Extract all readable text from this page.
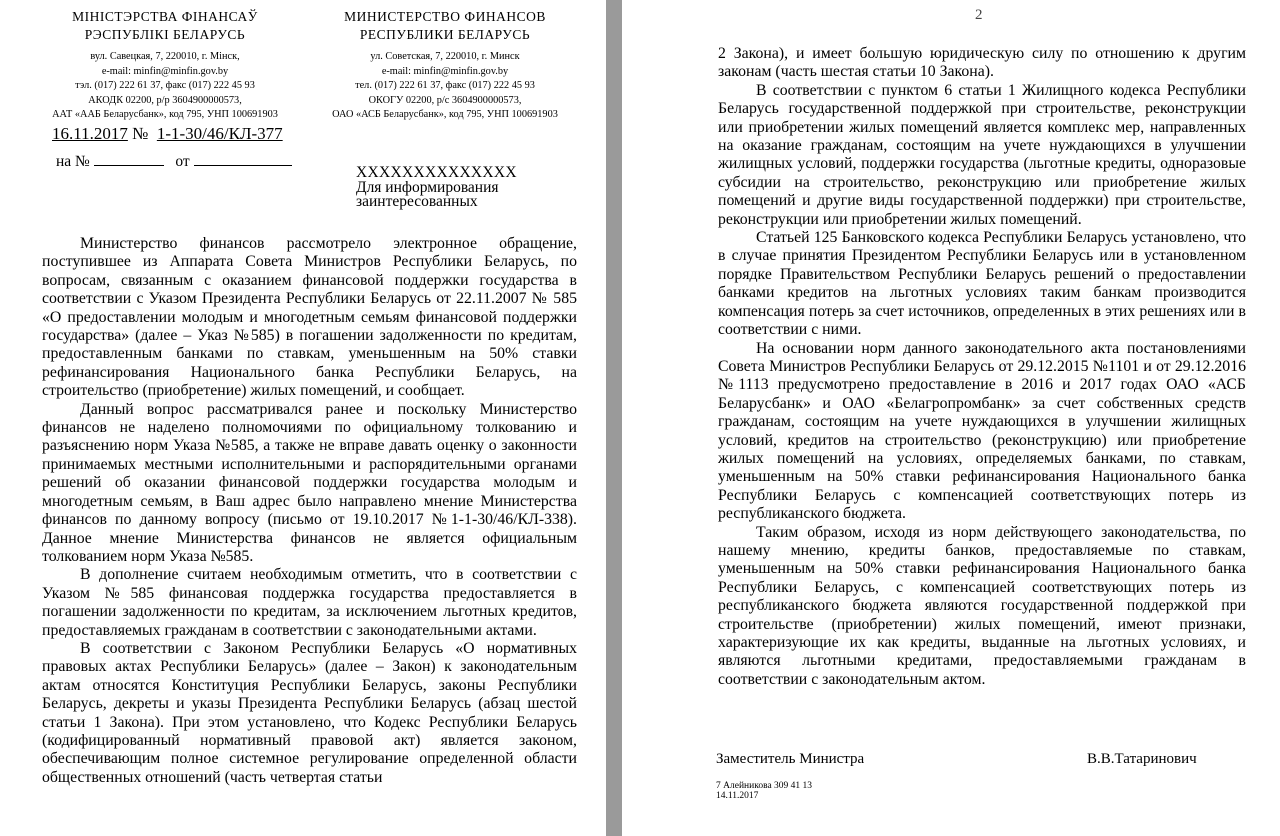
МІНІСТЭРСТВА ФІНАНСАЎ
РЭСПУБЛІКІ БЕЛАРУСЬ
вул. Савецкая, 7, 220010, г. Мінск,
e-mail: minfin@minfin.gov.by
тэл. (017) 222 61 37, факс (017) 222 45 93
АКОДК 02200, р/р 3604900000573,
ААТ «ААБ Беларусбанк», код 795, УНП 100691903
МИНИСТЕРСТВО ФИНАНСОВ
РЕСПУБЛИКИ БЕЛАРУСЬ
ул. Советская, 7, 220010, г. Минск
e-mail: minfin@minfin.gov.by
тел. (017) 222 61 37, факс (017) 222 45 93
ОКОГУ 02200, р/с 3604900000573,
ОАО «АСБ Беларусбанк», код 795, УНП 100691903
16.11.2017 № 1-1-30/46/КЛ-377
на №	от
XXXXXXXXXXXXXX
Для информирования
заинтересованных

Министерство финансов рассмотрело электронное обращение, поступившее из Аппарата Совета Министров Республики Беларусь, по вопросам, связанным с оказанием финансовой поддержки государства в соответствии с Указом Президента Республики Беларусь от 22.11.2007 № 585 «О предоставлении молодым и многодетным семьям финансовой поддержки государства» (далее – Указ №585) в погашении задолженности по кредитам, предоставленным банками по ставкам, уменьшенным на 50% ставки рефинансирования Национального банка Республики Беларусь, на строительство (приобретение) жилых помещений, и сообщает.

Данный вопрос рассматривался ранее и поскольку Министерство финансов не наделено полномочиями по официальному толкованию и разъяснению норм Указа №585, а также не вправе давать оценку о законности принимаемых местными исполнительными и распорядительными органами решений об оказании финансовой поддержки государства молодым и многодетным семьям, в Ваш адрес было направлено мнение Министерства финансов по данному вопросу (письмо от 19.10.2017 №1-1-30/46/КЛ-338). Данное мнение Министерства финансов не является официальным толкованием норм Указа №585.

В дополнение считаем необходимым отметить, что в соответствии с Указом №585 финансовая поддержка государства предоставляется в погашении задолженности по кредитам, за исключением льготных кредитов, предоставляемых гражданам в соответствии с законодательными актами.

В соответствии с Законом Республики Беларусь «О нормативных правовых актах Республики Беларусь» (далее – Закон) к законодательным актам относятся Конституция Республики Беларусь, законы Республики Беларусь, декреты и указы Президента Республики Беларусь (абзац шестой статьи 1 Закона). При этом установлено, что Кодекс Республики Беларусь (кодифицированный нормативный правовой акт) является законом, обеспечивающим полное системное регулирование определенной области общественных отношений (часть четвертая статьи

2

2 Закона), и имеет большую юридическую силу по отношению к другим законам (часть шестая статьи 10 Закона).

В соответствии с пунктом 6 статьи 1 Жилищного кодекса Республики Беларусь государственной поддержкой при строительстве, реконструкции или приобретении жилых помещений является комплекс мер, направленных на оказание гражданам, состоящим на учете нуждающихся в улучшении жилищных условий, поддержки государства (льготные кредиты, одноразовые субсидии на строительство, реконструкцию или приобретение жилых помещений и другие виды государственной поддержки) при строительстве, реконструкции или приобретении жилых помещений.

Статьей 125 Банковского кодекса Республики Беларусь установлено, что в случае принятия Президентом Республики Беларусь или в установленном порядке Правительством Республики Беларусь решений о предоставлении банками кредитов на льготных условиях таким банкам производится компенсация потерь за счет источников, определенных в этих решениях или в соответствии с ними.

На основании норм данного законодательного акта постановлениями Совета Министров Республики Беларусь от 29.12.2015 №1101 и от 29.12.2016 №1113 предусмотрено предоставление в 2016 и 2017 годах ОАО «АСБ Беларусбанк» и ОАО «Белагропромбанк» за счет собственных средств гражданам, состоящим на учете нуждающихся в улучшении жилищных условий, кредитов на строительство (реконструкцию) или приобретение жилых помещений на условиях, определяемых банками, по ставкам, уменьшенным на 50% ставки рефинансирования Национального банка Республики Беларусь с компенсацией соответствующих потерь из республиканского бюджета.

Таким образом, исходя из норм действующего законодательства, по нашему мнению, кредиты банков, предоставляемые по ставкам, уменьшенным на 50% ставки рефинансирования Национального банка Республики Беларусь, с компенсацией соответствующих потерь из республиканского бюджета являются государственной поддержкой при строительстве (приобретении) жилых помещений, имеют признаки, характеризующие их как кредиты, выданные на льготных условиях, и являются льготными кредитами, предоставляемыми гражданам в соответствии с законодательным актом.

Заместитель Министра	В.В.Татаринович
7 Алейникова 309 41 13
14.11.2017
